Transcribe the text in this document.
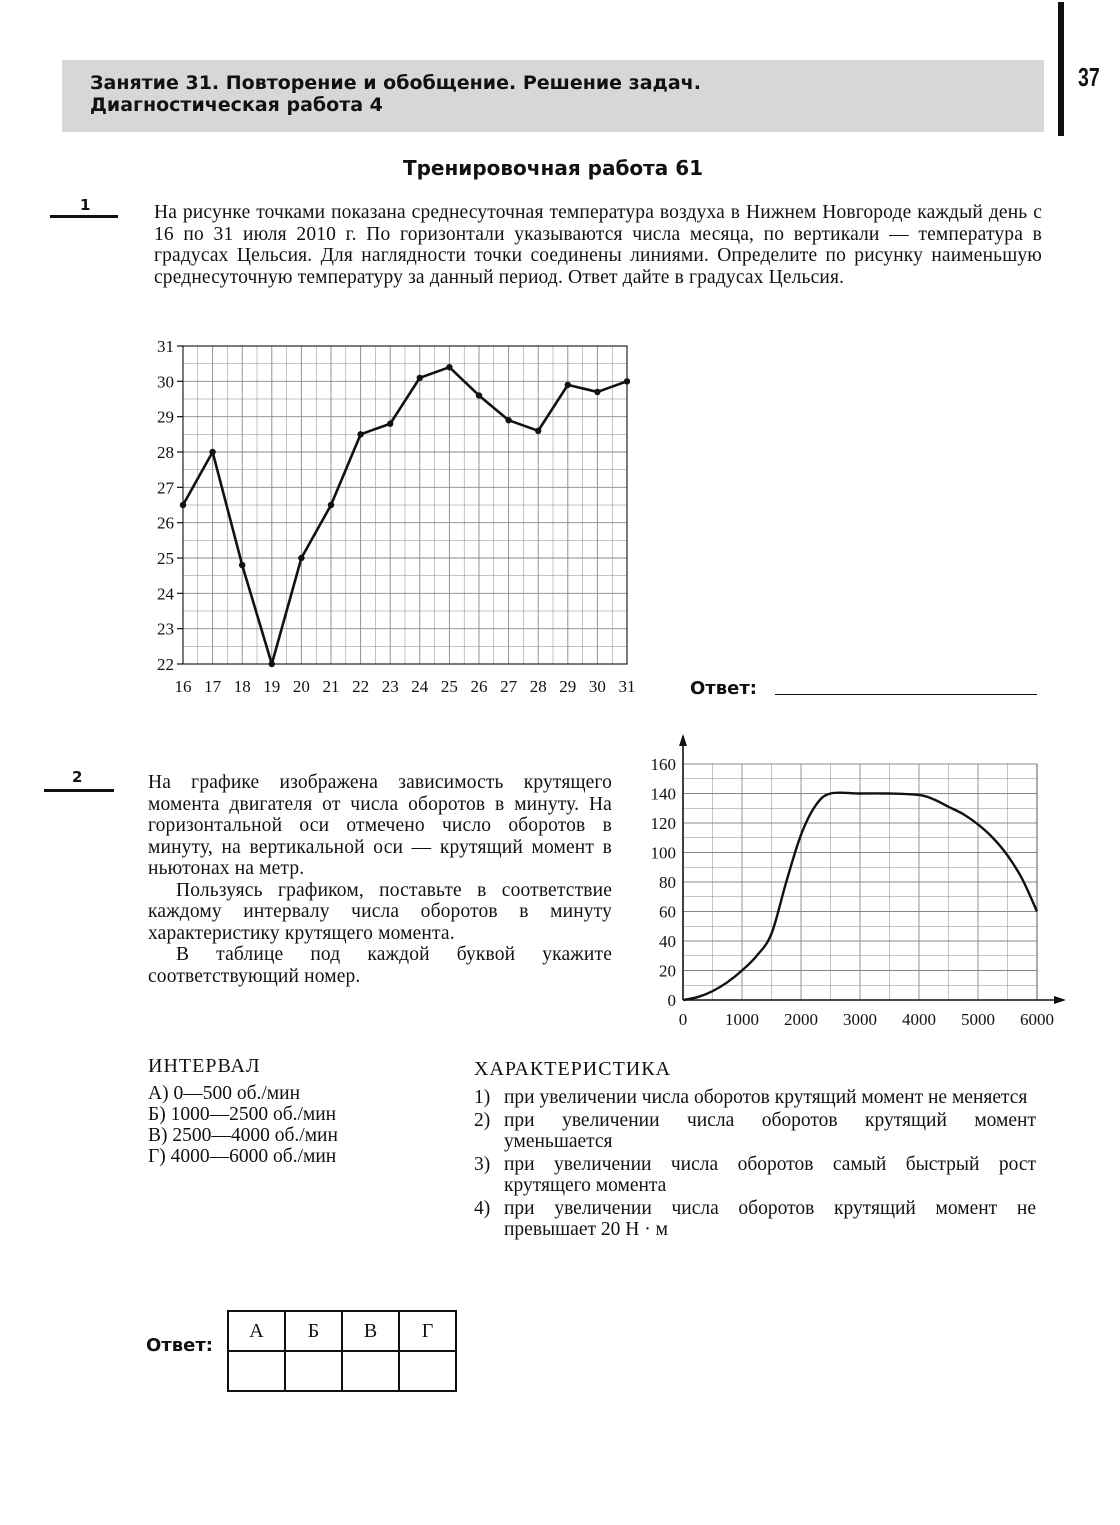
Занятие 31. Повторение и обобщение. Решение задач.
Диагностическая работа 4
37
Тренировочная работа 61
1	На рисунке точками показана среднесуточная температура воздуха в Нижнем Новгороде каждый день с 16 по 31 июля 2010 г. По горизонтали указываются числа месяца, по вертикали — температура в градусах Цельсия. Для наглядности точки соединены линиями. Определите по рисунку наименьшую среднесуточную температуру за данный период. Ответ дайте в градусах Цельсия.
22
23
24
25
26
27
28
29
30
31
16 17 18 19 20 21 22 23 24 25 26 27 28 29 30 31	Ответ:
2	На графике изображена зависимость крутящего момента двигателя от числа оборотов в минуту. На горизонтальной оси отмечено число оборотов в минуту, на вертикальной оси — крутящий момент в ньютонах на метр.
Пользуясь графиком, поставьте в соответствие каждому интервалу числа оборотов в минуту характеристику крутящего момента.
В таблице под каждой буквой укажите соответствующий номер.
0
20
40
60
80
100
120
140
160
0 1000 2000 3000 4000 5000 6000
ИНТЕРВАЛ
А) 0—500 об./мин
Б) 1000—2500 об./мин
В) 2500—4000 об./мин
Г) 4000—6000 об./мин
ХАРАКТЕРИСТИКА
1) при увеличении числа оборотов крутящий момент не меняется
2) при увеличении числа оборотов крутящий момент уменьшается
3) при увеличении числа оборотов самый быстрый рост крутящего момента
4) при увеличении числа оборотов крутящий момент не превышает 20 Н · м
Ответ:
А	Б	В	Г
